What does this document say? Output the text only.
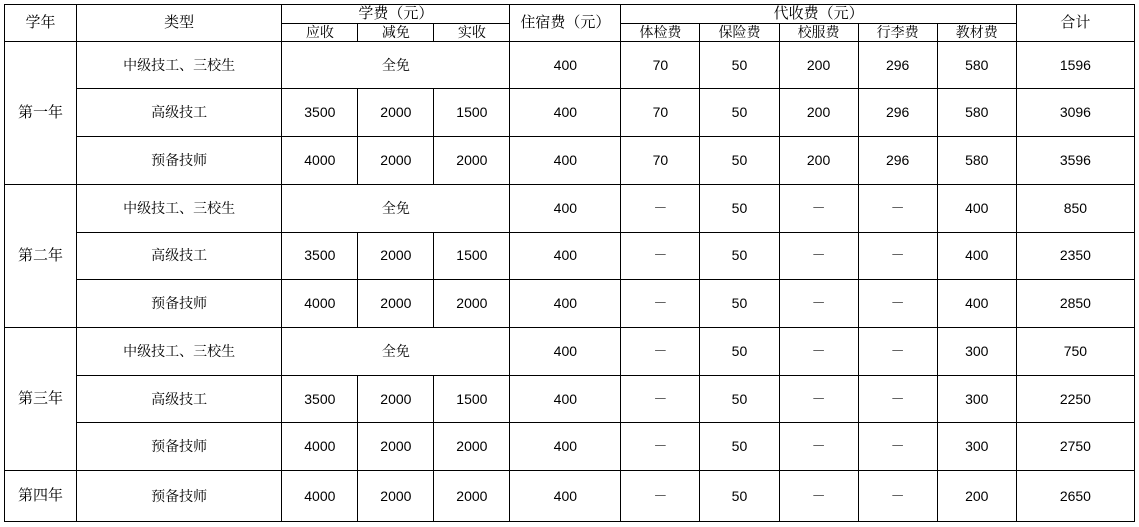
学年	类型	学费（元）			住宿费（元）	代收费（元）					合计
		应收	减免	实收		体检费	保险费	校服费	行李费	教材费	
第一年	中级技工、三校生	全免			400	70	50	200	296	580	1596
	高级技工	3500	2000	1500	400	70	50	200	296	580	3096
	预备技师	4000	2000	2000	400	70	50	200	296	580	3596
第二年	中级技工、三校生	全免			400	－	50	－	－	400	850
	高级技工	3500	2000	1500	400	－	50	－	－	400	2350
	预备技师	4000	2000	2000	400	－	50	－	－	400	2850
第三年	中级技工、三校生	全免			400	－	50	－	－	300	750
	高级技工	3500	2000	1500	400	－	50	－	－	300	2250
	预备技师	4000	2000	2000	400	－	50	－	－	300	2750
第四年	预备技师	4000	2000	2000	400	－	50	－	－	200	2650
